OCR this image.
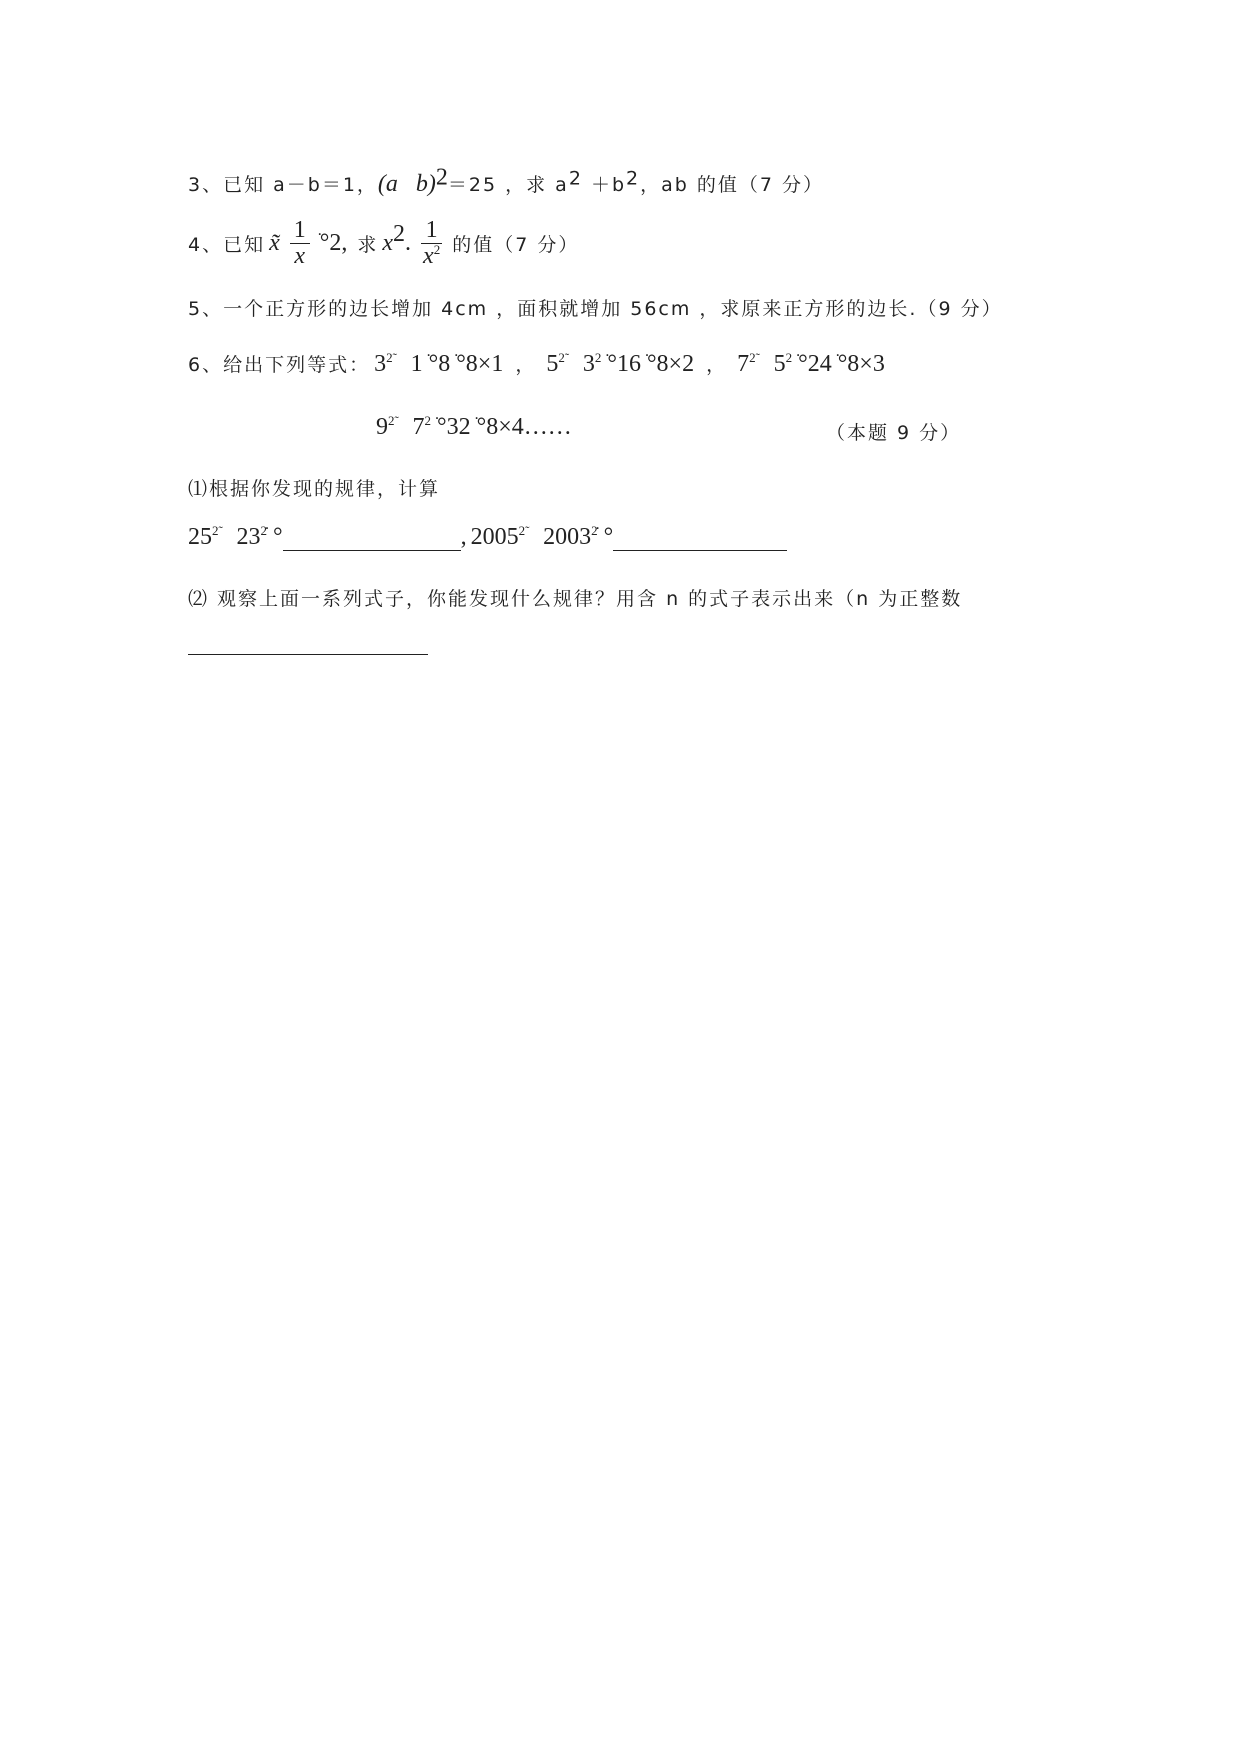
3、已知 a－b＝1，(a   b)$^2$＝25 ，求 $a^2 +b^2$，ab 的值（7 分）
4、已知 x̃ $\frac{1}{x}$ ׂ°2, 求 $x^2$. $\frac{1}{x^2}$ 的值（7 分）
5、一个正方形的边长增加 4cm ，面积就增加 56cm ，求原来正方形的边长.（9 分）
6、给出下列等式： $3^{2̃}$ 1 ׂ°8 ׂ°8×1 ， $5^{2̃}$ $3^2$ ׂ°16 ׂ°8×2 ， $7^{2̃}$ $5^2$ ׂ°24 ׂ°8×3
$9^{2̃}$ $7^2$ ׂ°32 ׂ°8×4……	（本题 9 分）
⑴根据你发现的规律，计算
$25^{2̃}$ $23^2$ ׂ°	, $2005^{2̃}$ 2003$^2$ ׂ°
⑵ 观察上面一系列式子，你能发现什么规律？用含 n 的式子表示出来（n 为正整数
